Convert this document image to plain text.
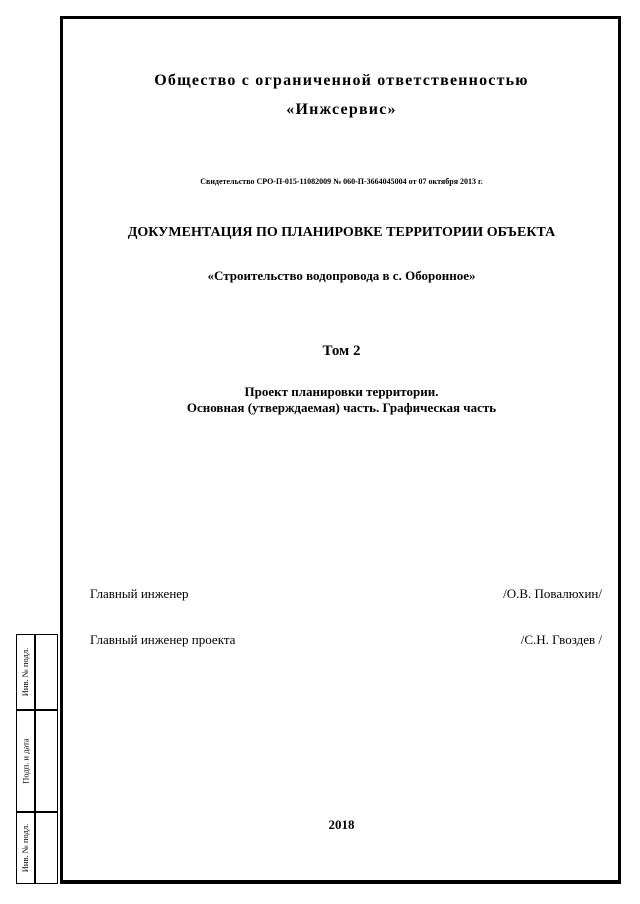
Общество с ограниченной ответственностью

«Инжсервис»

Свидетельство СРО-П-015-11082009 № 060-П-3664045004 от 07 октября 2013 г.

ДОКУМЕНТАЦИЯ ПО ПЛАНИРОВКЕ ТЕРРИТОРИИ ОБЪЕКТА

«Строительство водопровода в с. Оборонное»

Том 2

Проект планировки территории.

Основная (утверждаемая) часть. Графическая часть

Главный инженер	/О.В. Повалюхин/

Главный инженер проекта	/С.Н. Гвоздев /

2018

Инв. № подл.
Подп. и дата
Инв. № подл.
